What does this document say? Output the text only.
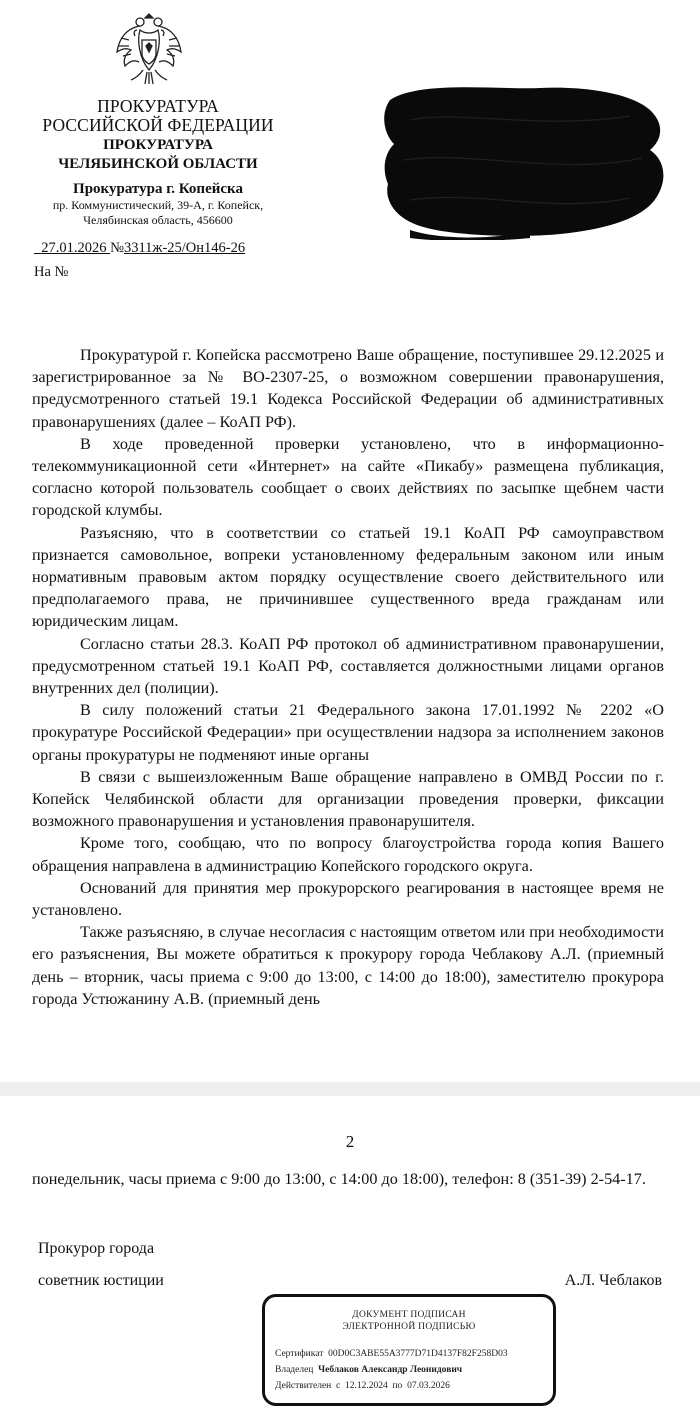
ПРОКУРАТУРА
РОССИЙСКОЙ ФЕДЕРАЦИИ
ПРОКУРАТУРА
ЧЕЛЯБИНСКОЙ ОБЛАСТИ
Прокуратура г. Копейска
пр. Коммунистический, 39-А, г. Копейск,
Челябинская область, 456600
27.01.2026 №3311ж-25/Он146-26
На №

Прокуратурой г. Копейска рассмотрено Ваше обращение, поступившее 29.12.2025 и зарегистрированное за № ВО-2307-25, о возможном совершении правонарушения, предусмотренного статьей 19.1 Кодекса Российской Федерации об административных правонарушениях (далее – КоАП РФ).

В ходе проведенной проверки установлено, что в информационно-телекоммуникационной сети «Интернет» на сайте «Пикабу» размещена публикация, согласно которой пользователь сообщает о своих действиях по засыпке щебнем части городской клумбы.

Разъясняю, что в соответствии со статьей 19.1 КоАП РФ самоуправством признается самовольное, вопреки установленному федеральным законом или иным нормативным правовым актом порядку осуществление своего действительного или предполагаемого права, не причинившее существенного вреда гражданам или юридическим лицам.

Согласно статьи 28.3. КоАП РФ протокол об административном правонарушении, предусмотренном статьей 19.1 КоАП РФ, составляется должностными лицами органов внутренних дел (полиции).

В силу положений статьи 21 Федерального закона 17.01.1992 № 2202 «О прокуратуре Российской Федерации» при осуществлении надзора за исполнением законов органы прокуратуры не подменяют иные органы

В связи с вышеизложенным Ваше обращение направлено в ОМВД России по г. Копейск Челябинской области для организации проведения проверки, фиксации возможного правонарушения и установления правонарушителя.

Кроме того, сообщаю, что по вопросу благоустройства города копия Вашего обращения направлена в администрацию Копейского городского округа.

Оснований для принятия мер прокурорского реагирования в настоящее время не установлено.

Также разъясняю, в случае несогласия с настоящим ответом или при необходимости его разъяснения, Вы можете обратиться к прокурору города Чеблакову А.Л. (приемный день – вторник, часы приема с 9:00 до 13:00, с 14:00 до 18:00), заместителю прокурора города Устюжанину А.В. (приемный день

2
понедельник, часы приема с 9:00 до 13:00, с 14:00 до 18:00), телефон: 8 (351-39) 2-54-17.
Прокурор города
советник юстиции	А.Л. Чеблаков
ДОКУМЕНТ ПОДПИСАН
ЭЛЕКТРОННОЙ ПОДПИСЬЮ
Сертификат 00D0C3ABE55A3777D71D4137F82F258D03
Владелец Чеблаков Александр Леонидович
Действителен с 12.12.2024 по 07.03.2026
